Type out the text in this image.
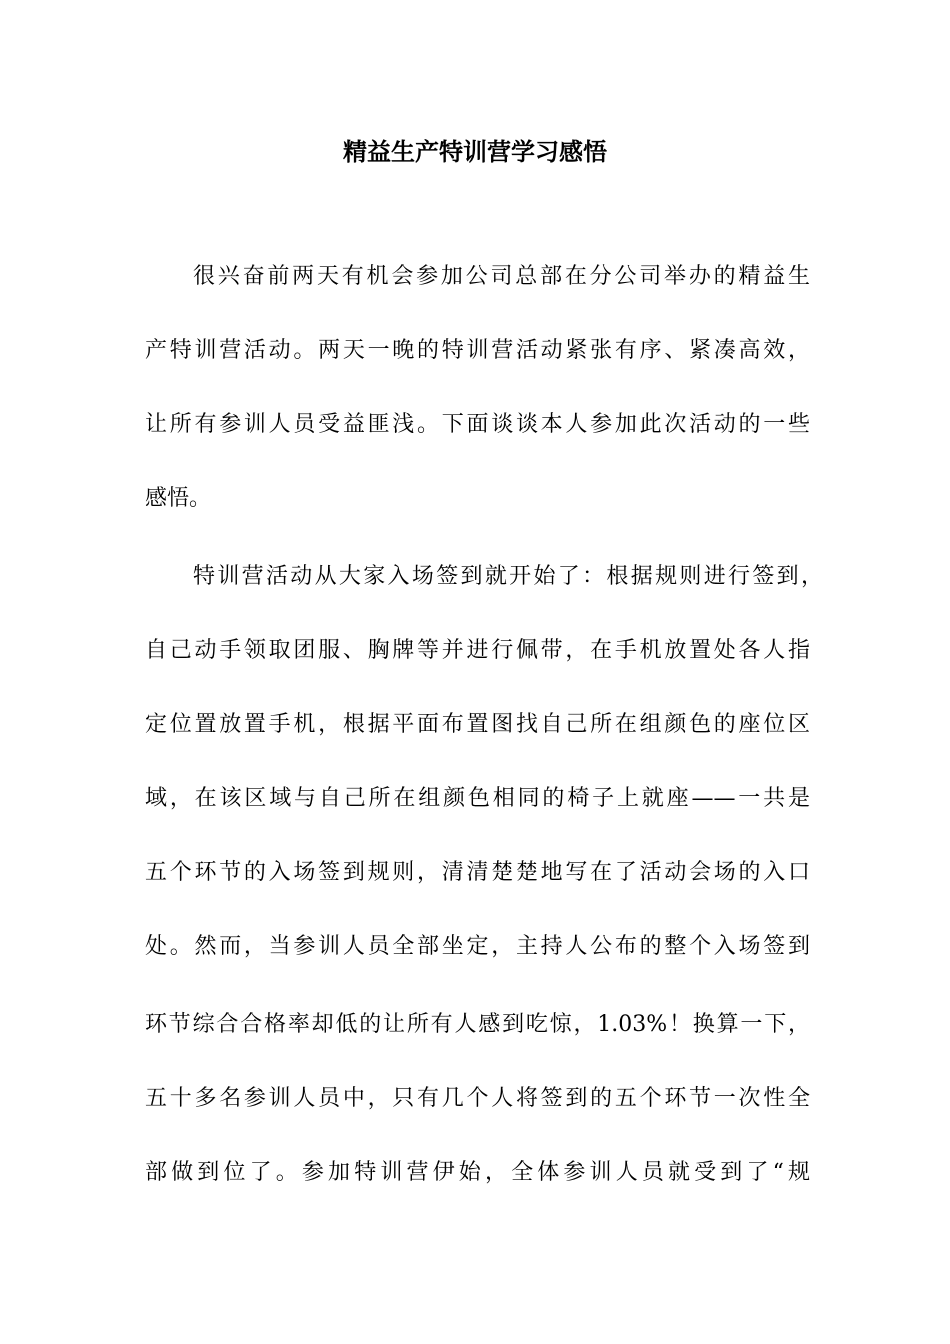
精益生产特训营学习感悟
很兴奋前两天有机会参加公司总部在分公司举办的精益生
产特训营活动。两天一晚的特训营活动紧张有序、紧凑高效，
让所有参训人员受益匪浅。下面谈谈本人参加此次活动的一些
感悟。
特训营活动从大家入场签到就开始了：根据规则进行签到，
自己动手领取团服、胸牌等并进行佩带，在手机放置处各人指
定位置放置手机，根据平面布置图找自己所在组颜色的座位区
域，在该区域与自己所在组颜色相同的椅子上就座——一共是
五个环节的入场签到规则，清清楚楚地写在了活动会场的入口
处。然而，当参训人员全部坐定，主持人公布的整个入场签到
环节综合合格率却低的让所有人感到吃惊，1.03%！换算一下，
五十多名参训人员中，只有几个人将签到的五个环节一次性全
部做到位了。参加特训营伊始，全体参训人员就受到了“规
